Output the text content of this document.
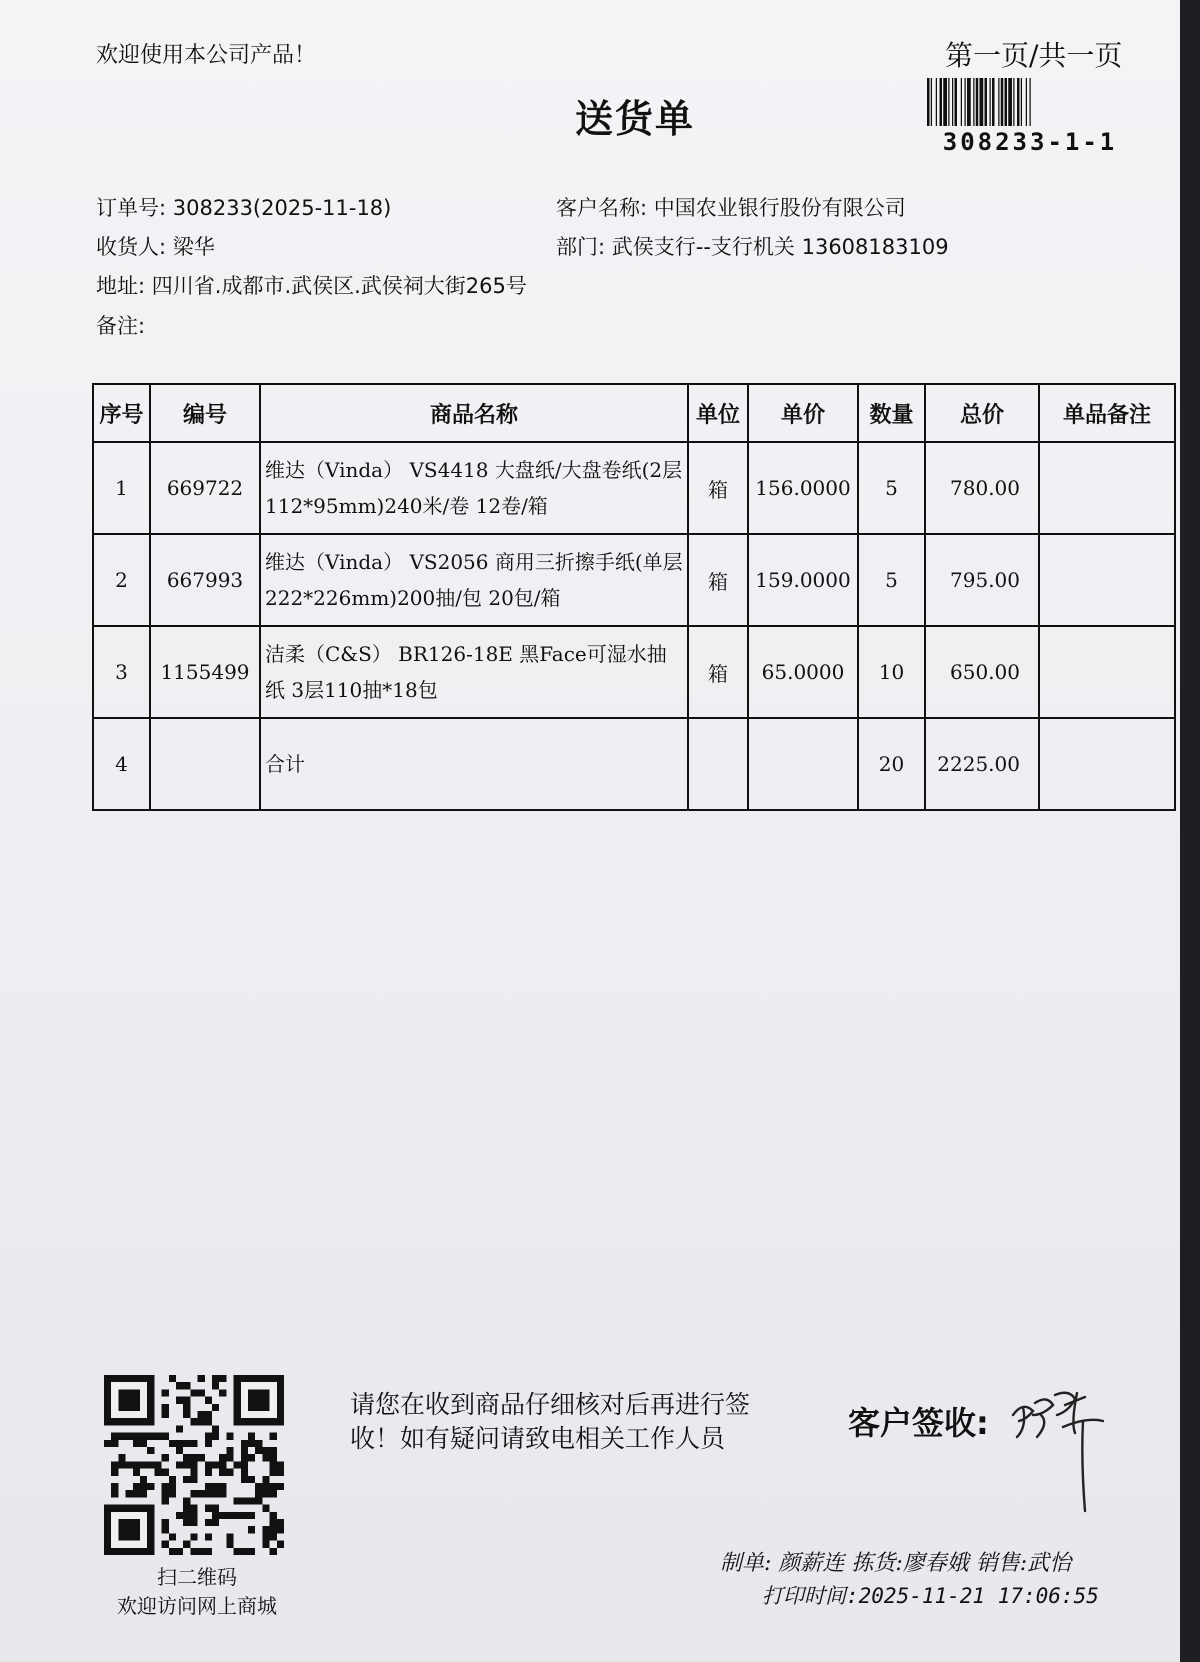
欢迎使用本公司产品！	第一页/共一页
送货单
308233-1-1
订单号: 308233(2025-11-18)	客户名称: 中国农业银行股份有限公司
收货人: 梁华	部门: 武侯支行--支行机关 13608183109
地址: 四川省.成都市.武侯区.武侯祠大街265号
备注:
序号	编号	商品名称	单位	单价	数量	总价	单品备注
1	669722	维达（Vinda） VS4418 大盘纸/大盘卷纸(2层 112*95mm)240米/卷 12卷/箱	箱	156.0000	5	780.00	
2	667993	维达（Vinda） VS2056 商用三折擦手纸(单层 222*226mm)200抽/包 20包/箱	箱	159.0000	5	795.00	
3	1155499	洁柔（C&S） BR126-18E 黑Face可湿水抽纸 3层110抽*18包	箱	65.0000	10	650.00	
4		合计			20	2225.00	
扫二维码
欢迎访问网上商城
请您在收到商品仔细核对后再进行签收！如有疑问请致电相关工作人员	客户签收:
制单: 颜薪连 拣货:廖春娥 销售:武怡
打印时间:2025-11-21 17:06:55
